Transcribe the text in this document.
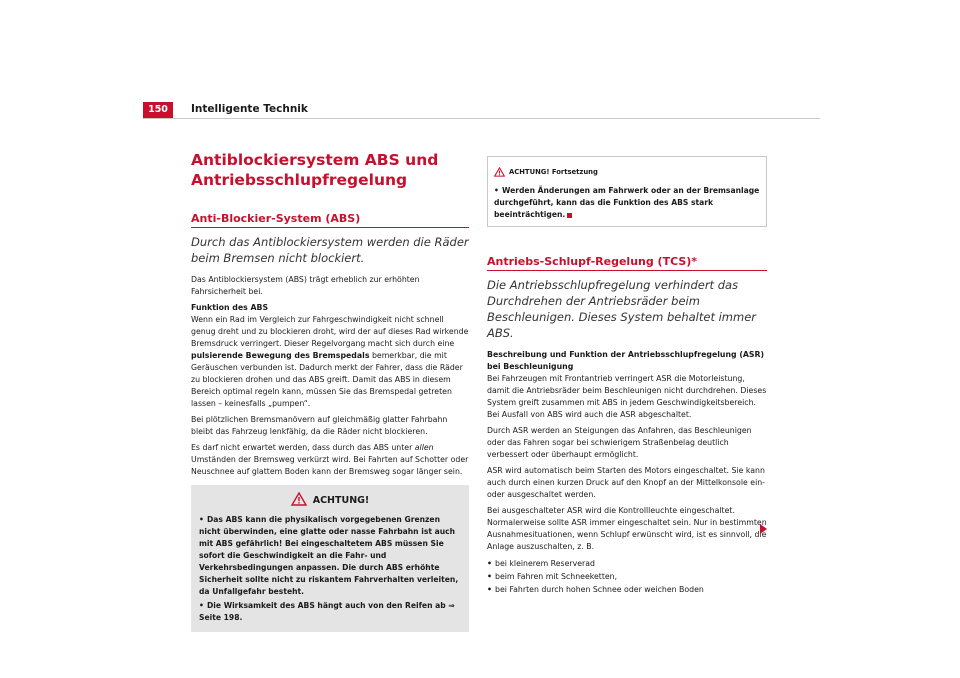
150	Intelligente Technik
Antiblockiersystem ABS und Antriebsschlupfregelung
Anti-Blockier-System (ABS)
Durch das Antiblockiersystem werden die Räder beim Bremsen nicht blockiert.

Das Antiblockiersystem (ABS) trägt erheblich zur erhöhten Fahrsicherheit bei.

Funktion des ABS

Wenn ein Rad im Vergleich zur Fahrgeschwindigkeit nicht schnell genug dreht und zu blockieren droht, wird der auf dieses Rad wirkende Bremsdruck verringert. Dieser Regelvorgang macht sich durch eine pulsierende Bewegung des Bremspedals bemerkbar, die mit Geräuschen verbunden ist. Dadurch merkt der Fahrer, dass die Räder zu blockieren drohen und das ABS greift. Damit das ABS in diesem Bereich optimal regeln kann, müssen Sie das Bremspedal getreten lassen – keinesfalls „pumpen“.

Bei plötzlichen Bremsmanövern auf gleichmäßig glatter Fahrbahn bleibt das Fahrzeug lenkfähig, da die Räder nicht blockieren.

Es darf nicht erwartet werden, dass durch das ABS unter allen Umständen der Bremsweg verkürzt wird. Bei Fahrten auf Schotter oder Neuschnee auf glattem Boden kann der Bremsweg sogar länger sein.

ACHTUNG!
• Das ABS kann die physikalisch vorgegebenen Grenzen nicht überwinden, eine glatte oder nasse Fahrbahn ist auch mit ABS gefährlich! Bei eingeschaltetem ABS müssen Sie sofort die Geschwindigkeit an die Fahr- und Verkehrsbedingungen anpassen. Die durch ABS erhöhte Sicherheit sollte nicht zu riskantem Fahrverhalten verleiten, da Unfallgefahr besteht.
• Die Wirksamkeit des ABS hängt auch von den Reifen ab ⇒ Seite 198.
ACHTUNG! Fortsetzung
• Werden Änderungen am Fahrwerk oder an der Bremsanlage durchgeführt, kann das die Funktion des ABS stark beeinträchtigen.
Antriebs-Schlupf-Regelung (TCS)*
Die Antriebsschlupfregelung verhindert das Durchdrehen der Antriebsräder beim Beschleunigen. Dieses System behaltet immer ABS.

Beschreibung und Funktion der Antriebsschlupfregelung (ASR) bei Beschleunigung

Bei Fahrzeugen mit Frontantrieb verringert ASR die Motorleistung, damit die Antriebsräder beim Beschleunigen nicht durchdrehen. Dieses System greift zusammen mit ABS in jedem Geschwindigkeitsbereich. Bei Ausfall von ABS wird auch die ASR abgeschaltet.

Durch ASR werden an Steigungen das Anfahren, das Beschleunigen oder das Fahren sogar bei schwierigem Straßenbelag deutlich verbessert oder überhaupt ermöglicht.

ASR wird automatisch beim Starten des Motors eingeschaltet. Sie kann auch durch einen kurzen Druck auf den Knopf an der Mittelkonsole ein- oder ausgeschaltet werden.

Bei ausgeschalteter ASR wird die Kontrollleuchte eingeschaltet. Normalerweise sollte ASR immer eingeschaltet sein. Nur in bestimmten Ausnahmesituationen, wenn Schlupf erwünscht wird, ist es sinnvoll, die Anlage auszuschalten, z. B.

• bei kleinerem Reserverad
• beim Fahren mit Schneeketten,
• bei Fahrten durch hohen Schnee oder weichen Boden
